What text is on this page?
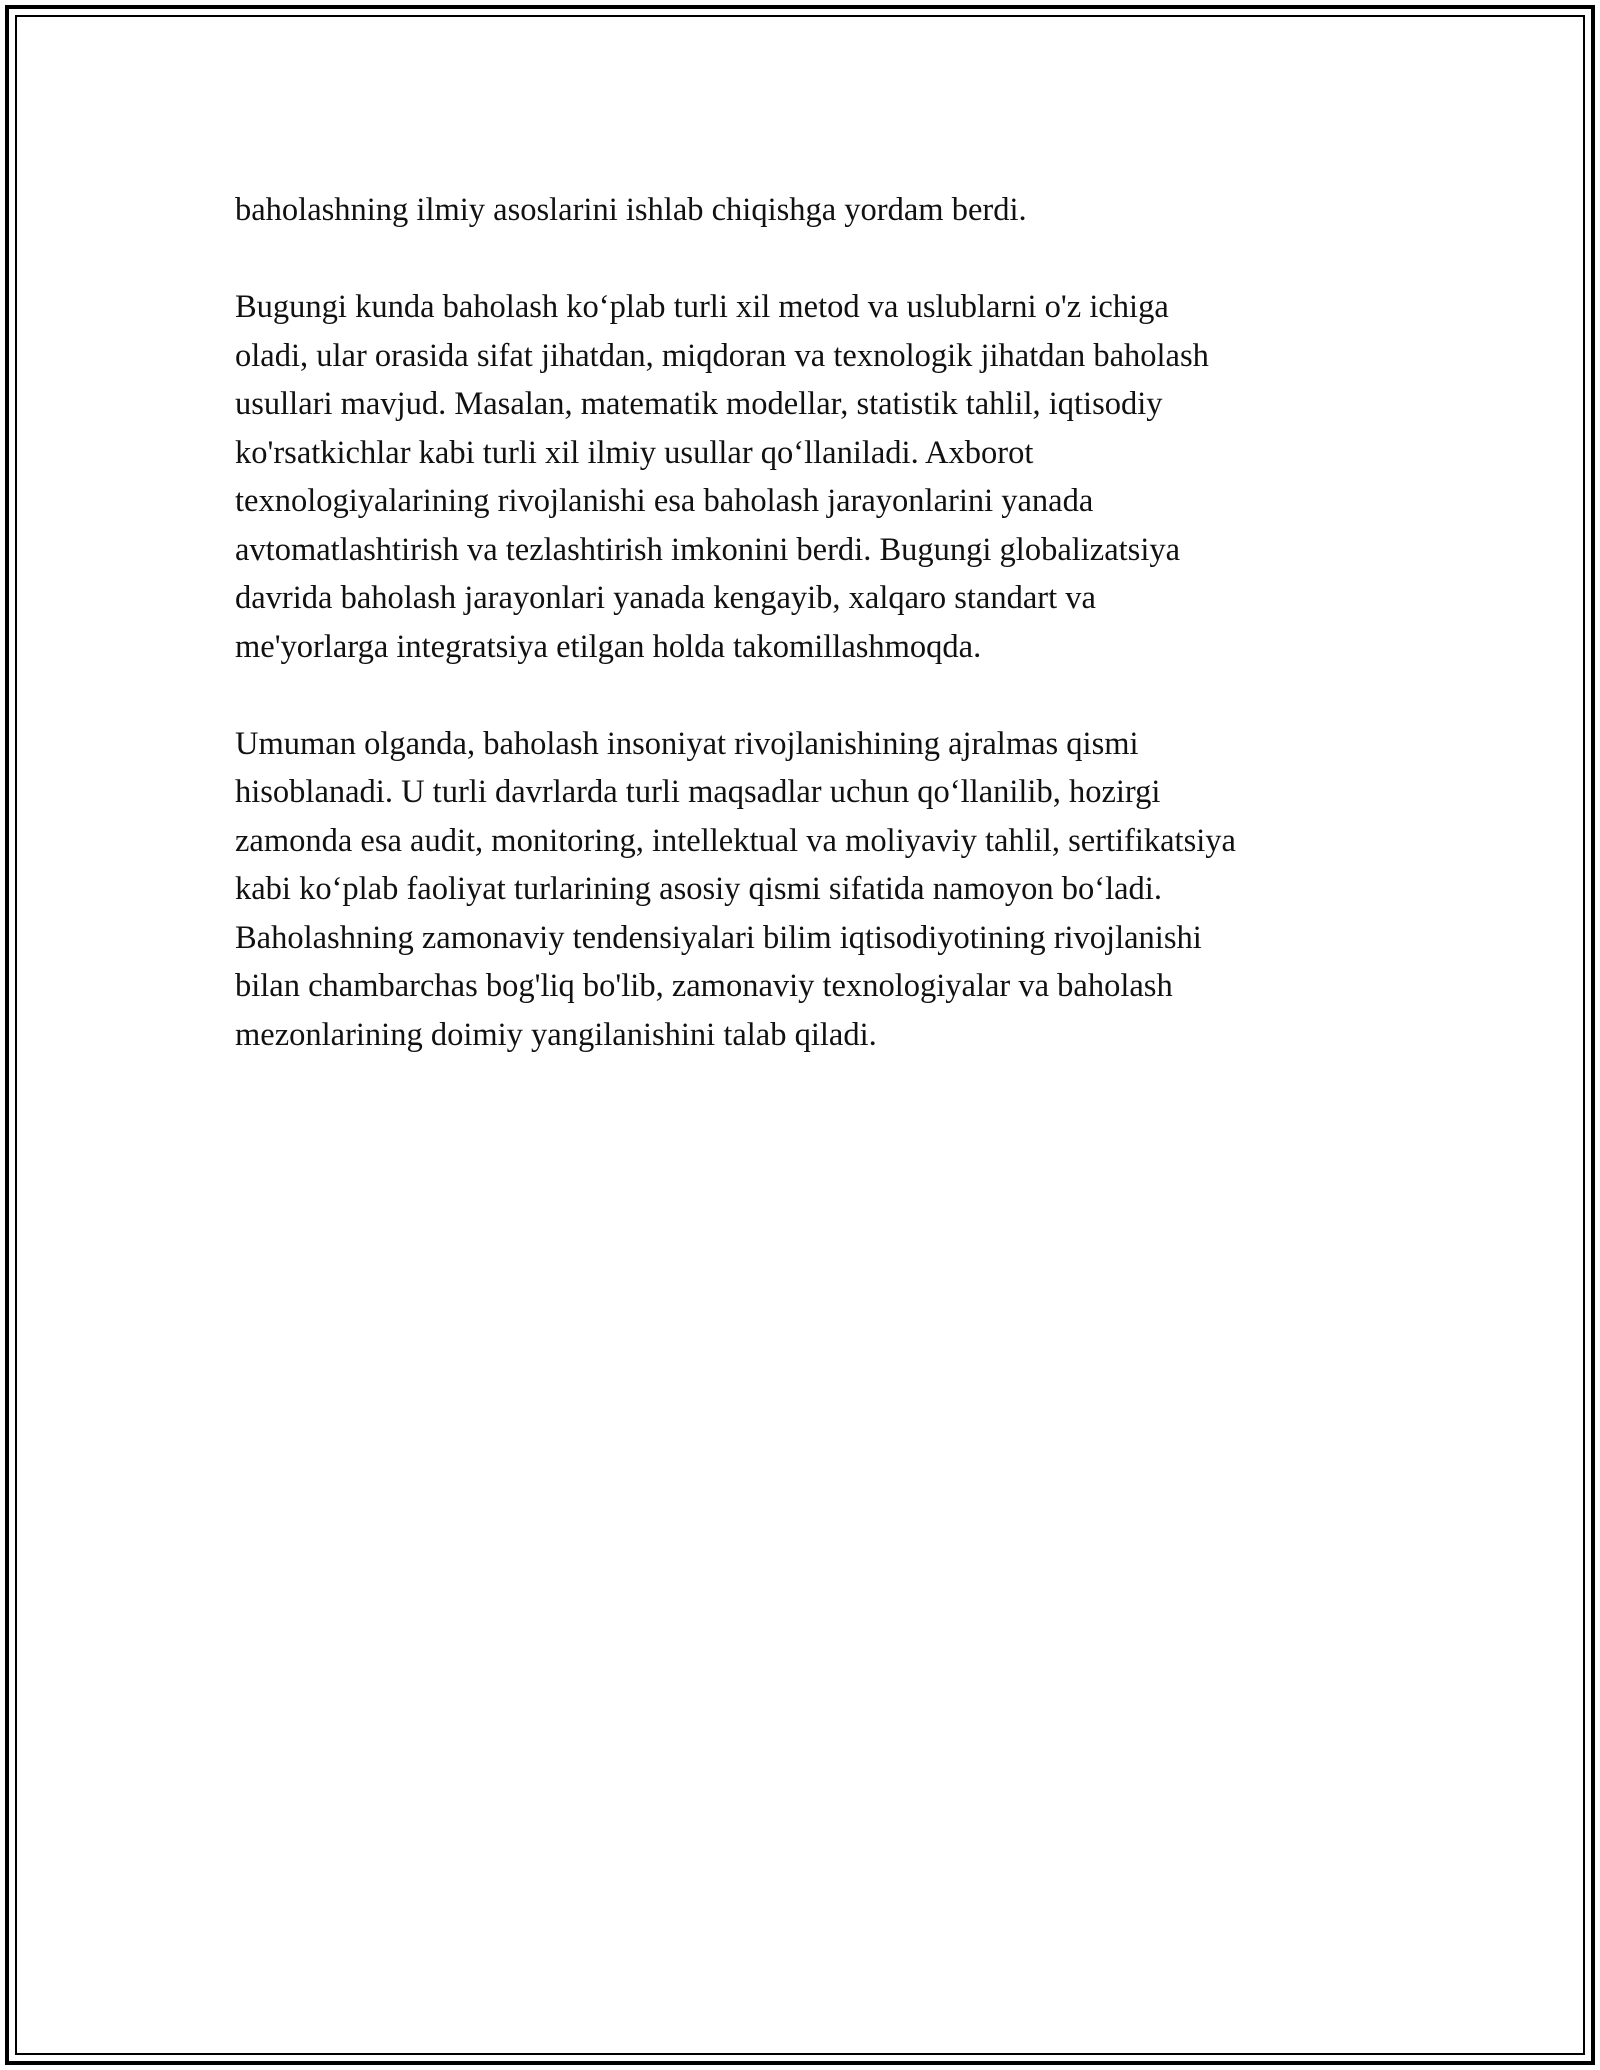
baholashning ilmiy asoslarini ishlab chiqishga yordam berdi.

Bugungi kunda baholash ko‘plab turli xil metod va uslublarni o'z ichiga
oladi, ular orasida sifat jihatdan, miqdoran va texnologik jihatdan baholash
usullari mavjud. Masalan, matematik modellar, statistik tahlil, iqtisodiy
ko'rsatkichlar kabi turli xil ilmiy usullar qo‘llaniladi. Axborot
texnologiyalarining rivojlanishi esa baholash jarayonlarini yanada
avtomatlashtirish va tezlashtirish imkonini berdi. Bugungi globalizatsiya
davrida baholash jarayonlari yanada kengayib, xalqaro standart va
me'yorlarga integratsiya etilgan holda takomillashmoqda.

Umuman olganda, baholash insoniyat rivojlanishining ajralmas qismi
hisoblanadi. U turli davrlarda turli maqsadlar uchun qo‘llanilib, hozirgi
zamonda esa audit, monitoring, intellektual va moliyaviy tahlil, sertifikatsiya
kabi ko‘plab faoliyat turlarining asosiy qismi sifatida namoyon bo‘ladi.
Baholashning zamonaviy tendensiyalari bilim iqtisodiyotining rivojlanishi
bilan chambarchas bog'liq bo'lib, zamonaviy texnologiyalar va baholash
mezonlarining doimiy yangilanishini talab qiladi.
